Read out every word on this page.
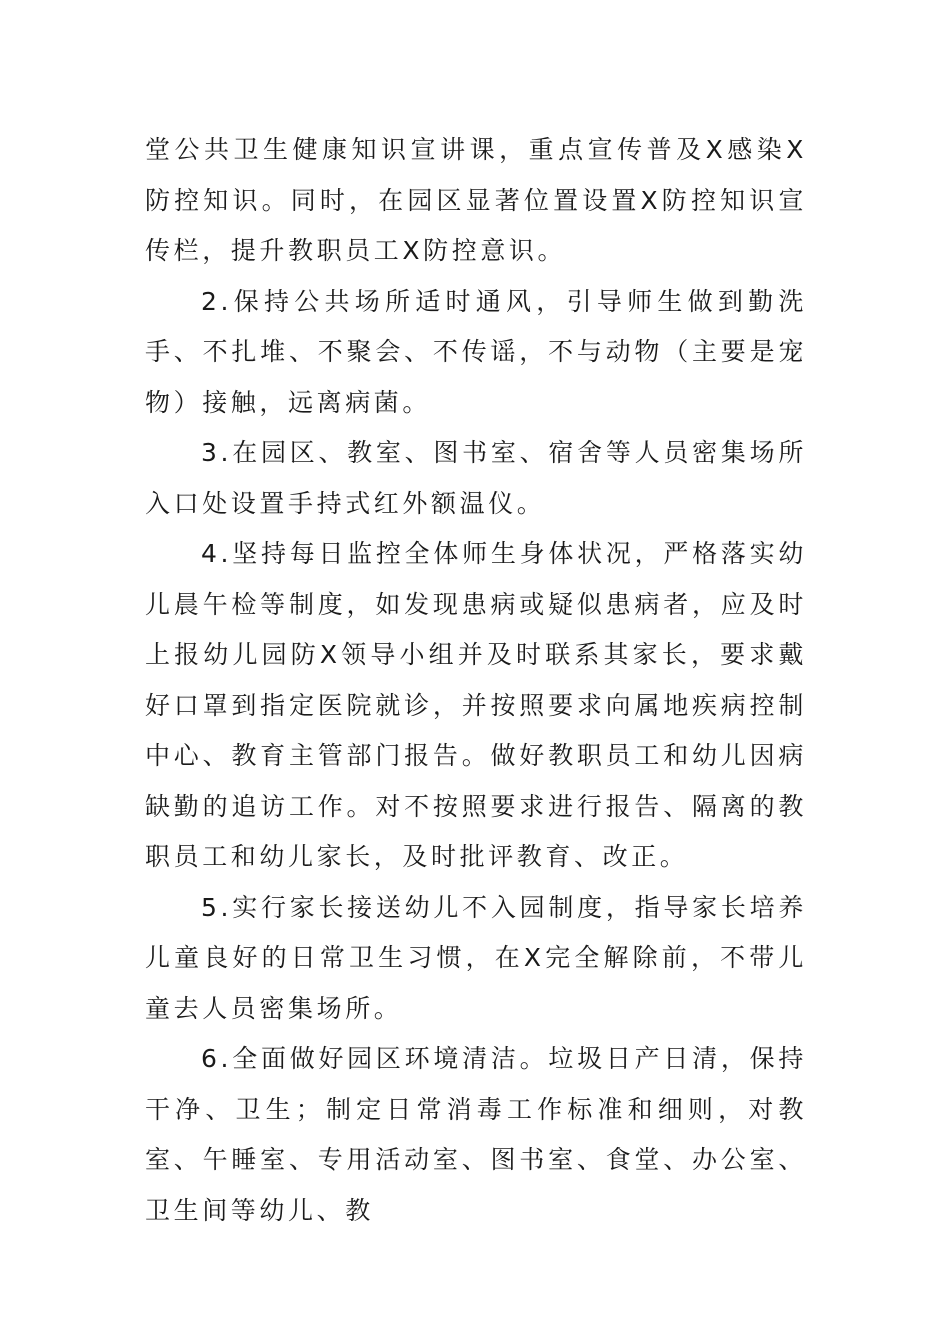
堂公共卫生健康知识宣讲课，重点宣传普及X感染X防控知识。同时，在园区显著位置设置X防控知识宣传栏，提升教职员工X防控意识。

2.保持公共场所适时通风，引导师生做到勤洗手、不扎堆、不聚会、不传谣，不与动物（主要是宠物）接触，远离病菌。

3.在园区、教室、图书室、宿舍等人员密集场所入口处设置手持式红外额温仪。

4.坚持每日监控全体师生身体状况，严格落实幼儿晨午检等制度，如发现患病或疑似患病者，应及时上报幼儿园防X领导小组并及时联系其家长，要求戴好口罩到指定医院就诊，并按照要求向属地疾病控制中心、教育主管部门报告。做好教职员工和幼儿因病缺勤的追访工作。对不按照要求进行报告、隔离的教职员工和幼儿家长，及时批评教育、改正。

5.实行家长接送幼儿不入园制度，指导家长培养儿童良好的日常卫生习惯，在X完全解除前，不带儿童去人员密集场所。

6.全面做好园区环境清洁。垃圾日产日清，保持干净、卫生；制定日常消毒工作标准和细则，对教室、午睡室、专用活动室、图书室、食堂、办公室、卫生间等幼儿、教
